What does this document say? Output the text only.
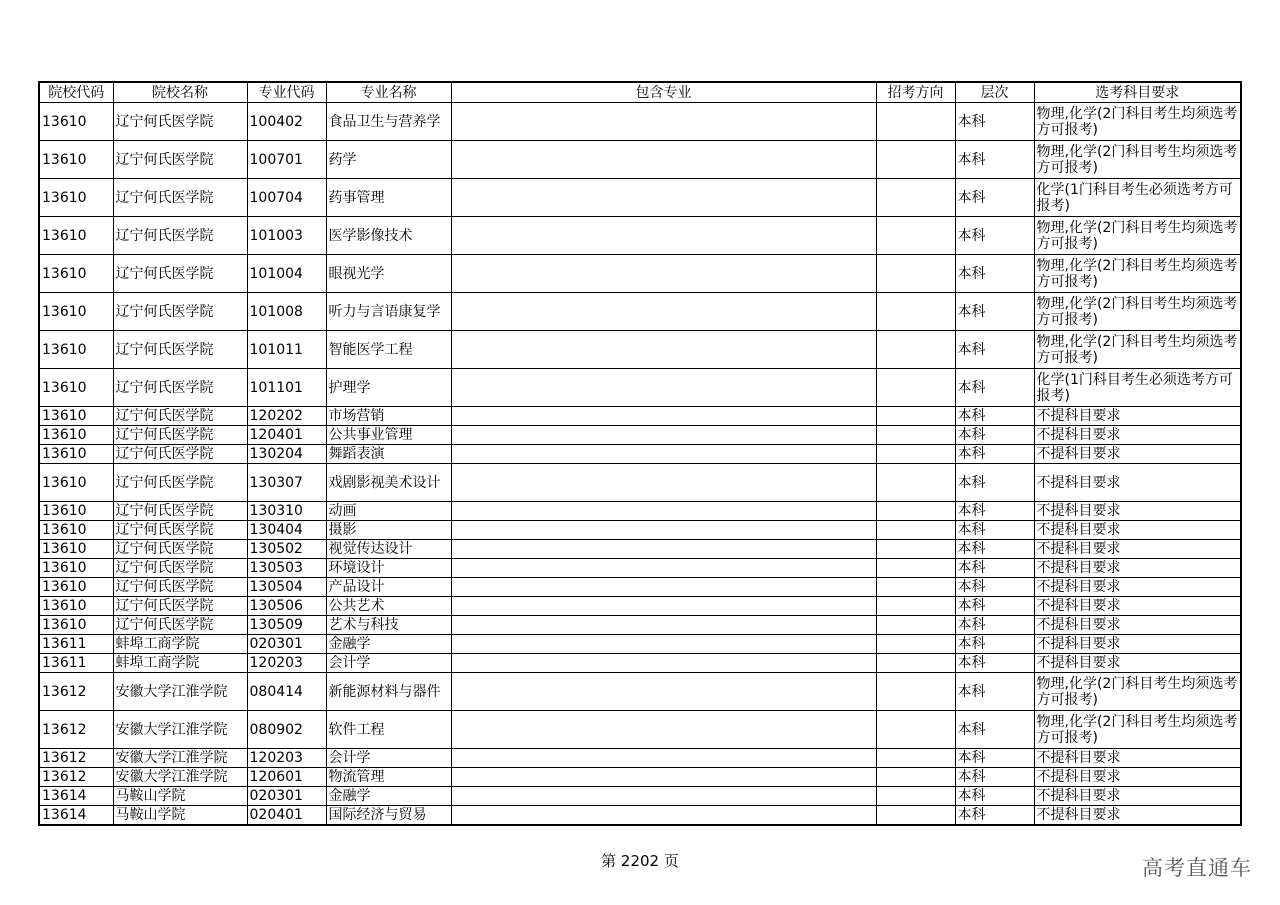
院校代码	院校名称	专业代码	专业名称	包含专业	招考方向	层次	选考科目要求
13610	辽宁何氏医学院	100402	食品卫生与营养学			本科	物理,化学(2门科目考生均须选考方可报考)
13610	辽宁何氏医学院	100701	药学			本科	物理,化学(2门科目考生均须选考方可报考)
13610	辽宁何氏医学院	100704	药事管理			本科	化学(1门科目考生必须选考方可报考)
13610	辽宁何氏医学院	101003	医学影像技术			本科	物理,化学(2门科目考生均须选考方可报考)
13610	辽宁何氏医学院	101004	眼视光学			本科	物理,化学(2门科目考生均须选考方可报考)
13610	辽宁何氏医学院	101008	听力与言语康复学			本科	物理,化学(2门科目考生均须选考方可报考)
13610	辽宁何氏医学院	101011	智能医学工程			本科	物理,化学(2门科目考生均须选考方可报考)
13610	辽宁何氏医学院	101101	护理学			本科	化学(1门科目考生必须选考方可报考)
13610	辽宁何氏医学院	120202	市场营销			本科	不提科目要求
13610	辽宁何氏医学院	120401	公共事业管理			本科	不提科目要求
13610	辽宁何氏医学院	130204	舞蹈表演			本科	不提科目要求
13610	辽宁何氏医学院	130307	戏剧影视美术设计			本科	不提科目要求
13610	辽宁何氏医学院	130310	动画			本科	不提科目要求
13610	辽宁何氏医学院	130404	摄影			本科	不提科目要求
13610	辽宁何氏医学院	130502	视觉传达设计			本科	不提科目要求
13610	辽宁何氏医学院	130503	环境设计			本科	不提科目要求
13610	辽宁何氏医学院	130504	产品设计			本科	不提科目要求
13610	辽宁何氏医学院	130506	公共艺术			本科	不提科目要求
13610	辽宁何氏医学院	130509	艺术与科技			本科	不提科目要求
13611	蚌埠工商学院	020301	金融学			本科	不提科目要求
13611	蚌埠工商学院	120203	会计学			本科	不提科目要求
13612	安徽大学江淮学院	080414	新能源材料与器件			本科	物理,化学(2门科目考生均须选考方可报考)
13612	安徽大学江淮学院	080902	软件工程			本科	物理,化学(2门科目考生均须选考方可报考)
13612	安徽大学江淮学院	120203	会计学			本科	不提科目要求
13612	安徽大学江淮学院	120601	物流管理			本科	不提科目要求
13614	马鞍山学院	020301	金融学			本科	不提科目要求
13614	马鞍山学院	020401	国际经济与贸易			本科	不提科目要求
第 2202 页	高考直通车
